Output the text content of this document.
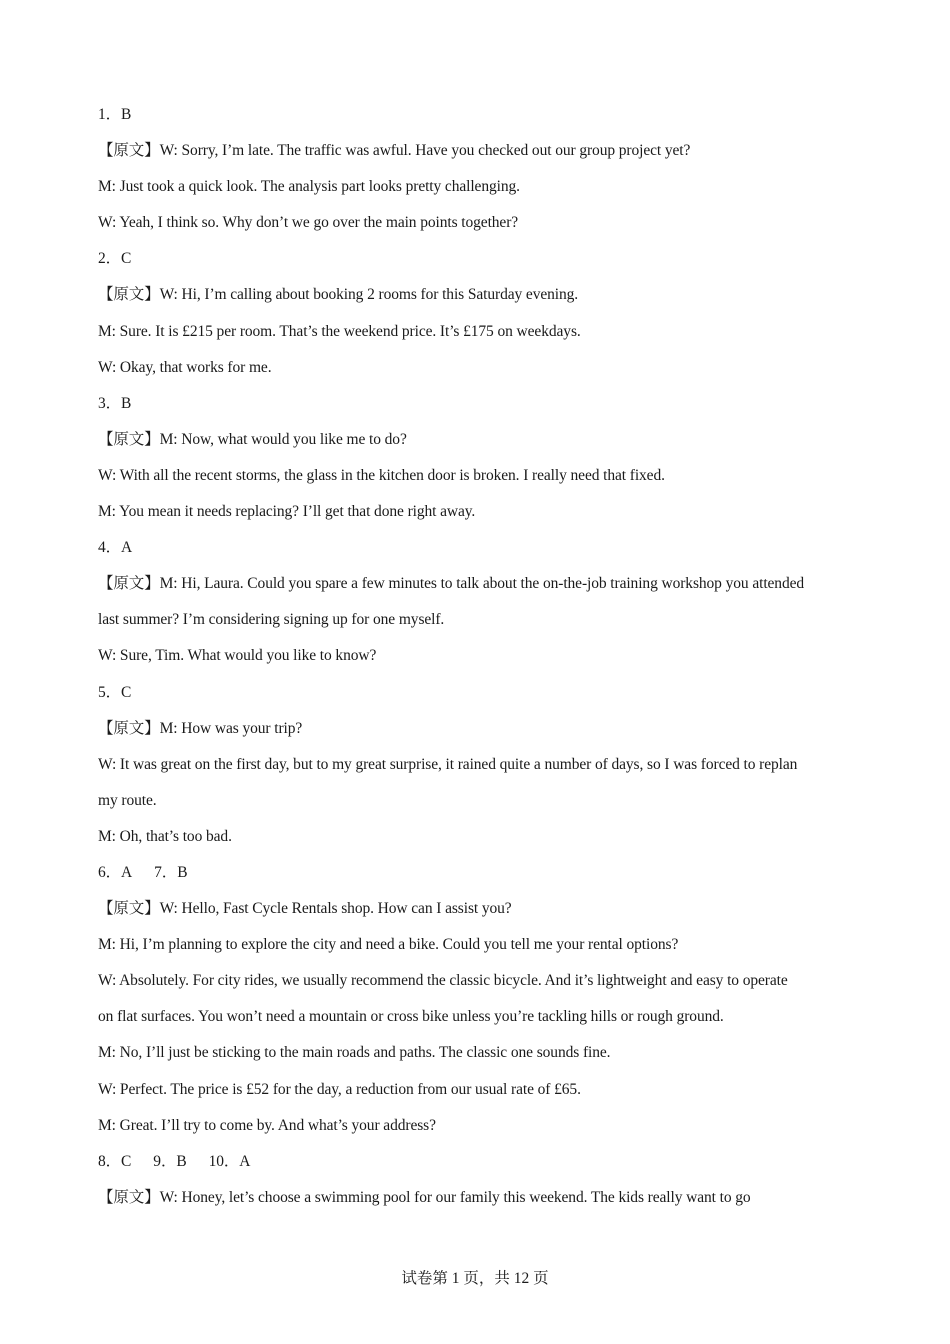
1．B
【原文】W: Sorry, I’m late. The traffic was awful. Have you checked out our group project yet?
M: Just took a quick look. The analysis part looks pretty challenging.
W: Yeah, I think so. Why don’t we go over the main points together?
2．C
【原文】W: Hi, I’m calling about booking 2 rooms for this Saturday evening.
M: Sure. It is £215 per room. That’s the weekend price. It’s £175 on weekdays.
W: Okay, that works for me.
3．B
【原文】M: Now, what would you like me to do?
W: With all the recent storms, the glass in the kitchen door is broken. I really need that fixed.
M: You mean it needs replacing? I’ll get that done right away.
4．A
【原文】M: Hi, Laura. Could you spare a few minutes to talk about the on-the-job training workshop you attended
last summer? I’m considering signing up for one myself.
W: Sure, Tim. What would you like to know?
5．C
【原文】M: How was your trip?
W: It was great on the first day, but to my great surprise, it rained quite a number of days, so I was forced to replan
my route.
M: Oh, that’s too bad.
6．A 7．B
【原文】W: Hello, Fast Cycle Rentals shop. How can I assist you?
M: Hi, I’m planning to explore the city and need a bike. Could you tell me your rental options?
W: Absolutely. For city rides, we usually recommend the classic bicycle. And it’s lightweight and easy to operate
on flat surfaces. You won’t need a mountain or cross bike unless you’re tackling hills or rough ground.
M: No, I’ll just be sticking to the main roads and paths. The classic one sounds fine.
W: Perfect. The price is £52 for the day, a reduction from our usual rate of £65.
M: Great. I’ll try to come by. And what’s your address?
8．C 9．B 10．A
【原文】W: Honey, let’s choose a swimming pool for our family this weekend. The kids really want to go
试卷第 1 页，共 12 页
